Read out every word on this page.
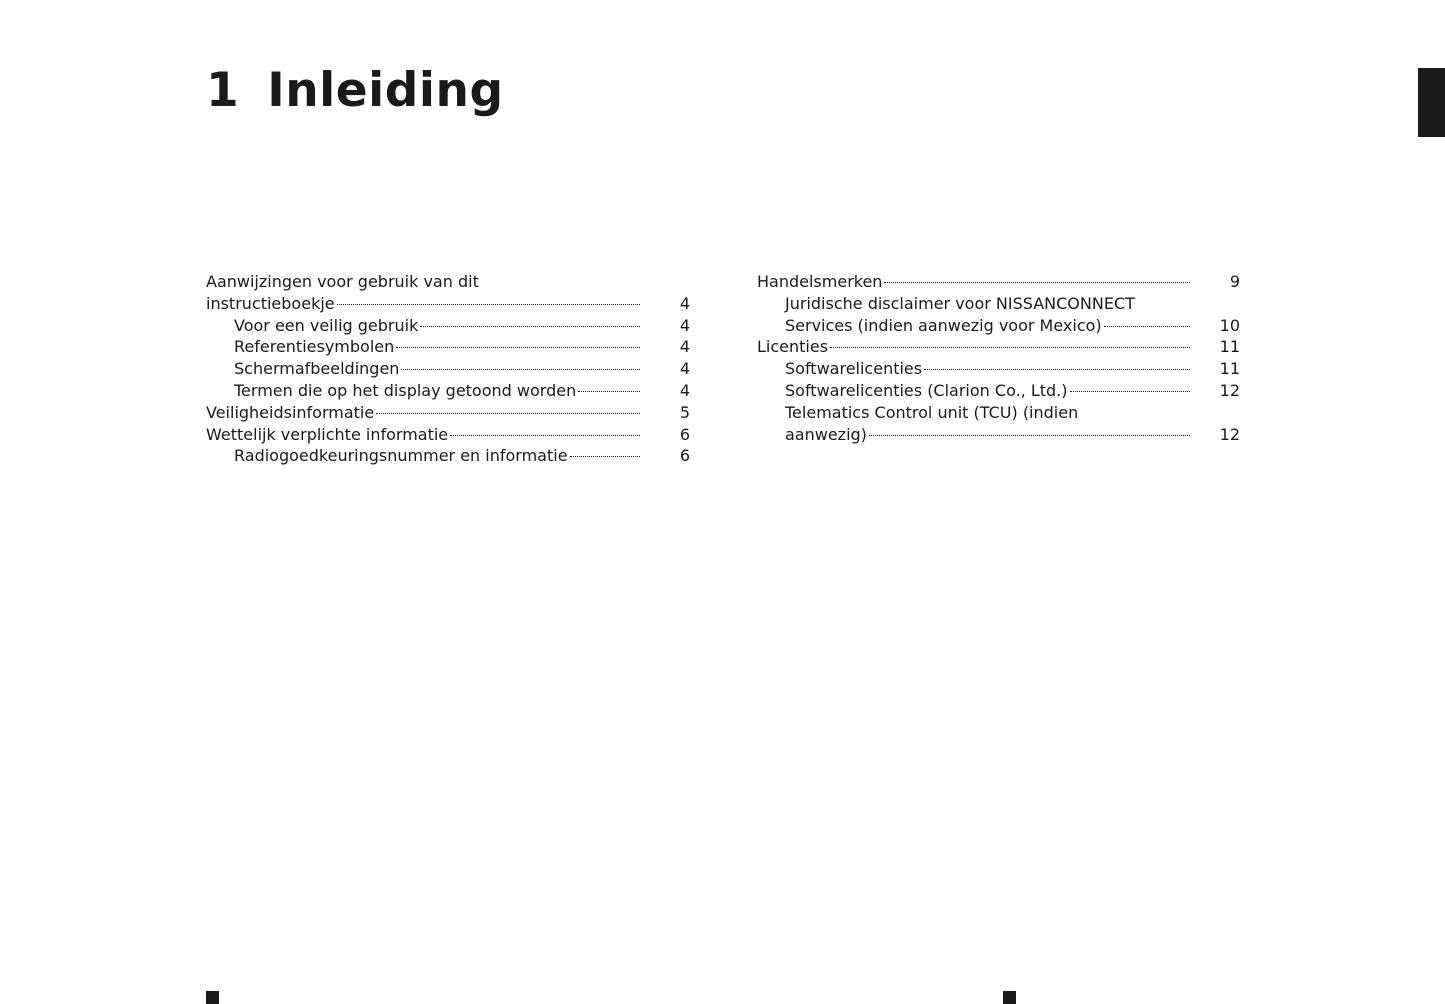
1 Inleiding
Aanwijzingen voor gebruik van dit
instructieboekje	4
Voor een veilig gebruik	4
Referentiesymbolen	4
Schermafbeeldingen	4
Termen die op het display getoond worden	4
Veiligheidsinformatie	5
Wettelijk verplichte informatie	6
Radiogoedkeuringsnummer en informatie	6
Handelsmerken	9
Juridische disclaimer voor NISSANCONNECT
Services (indien aanwezig voor Mexico)	10
Licenties	11
Softwarelicenties	11
Softwarelicenties (Clarion Co., Ltd.)	12
Telematics Control unit (TCU) (indien
aanwezig)	12
